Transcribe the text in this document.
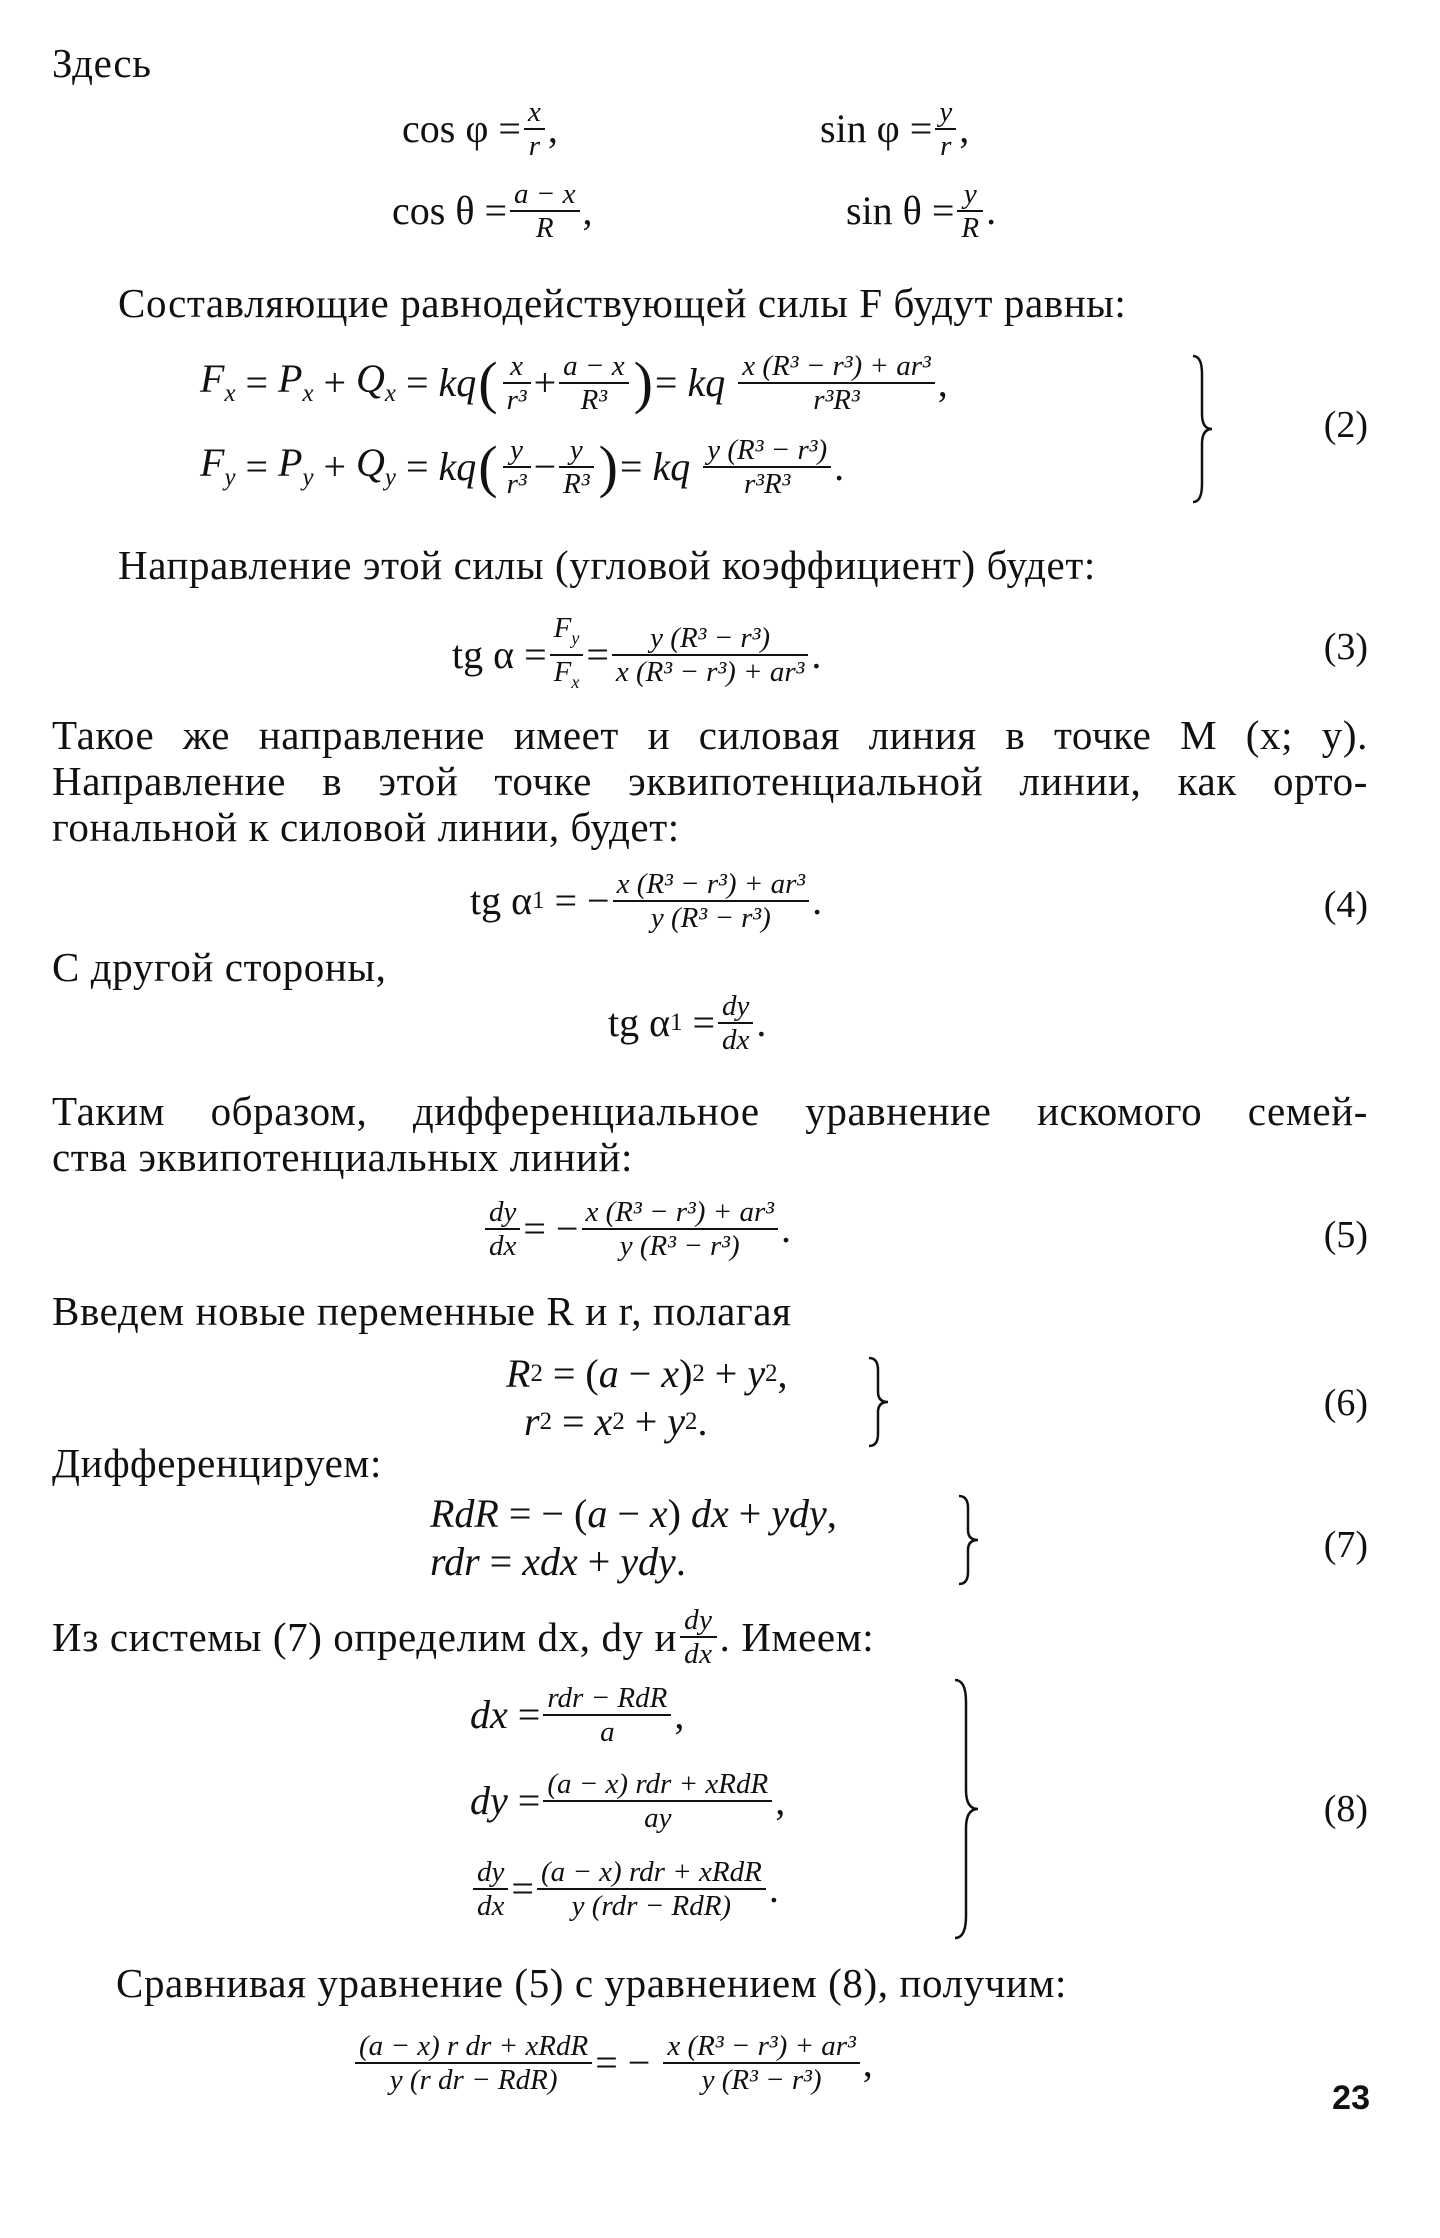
Здесь
cos φ = x
r ,	sin φ = y
r ,
cos θ = a − x
R ,	sin θ = y
R .
Составляющие равнодействующей силы F будут равны:
$F_x = P_x + Q_x$ = kq ( x
r³ + a − x
R³ ) = kq
x (R³ − r³) + ar³
r³R³ ,
$F_y = P_y + Q_y$ = kq ( y
r³ − y
R³ ) = kq
y (R³ − r³)
r³R³ .
(2)
Направление этой силы (угловой коэффициент) будет:
tg α =
$F_y$
$F_x$
= y (R³ − r³)
x (R³ − r³) + ar³ .	(3)
Такое же направление имеет и силовая линия в точке M (x; y).
Направление в этой точке эквипотенциальной линии, как орто-
гональной к силовой линии, будет:
tg α 1 = − x (R³ − r³) + ar³
y (R³ − r³) .	(4)
С другой стороны,
tg α 1 = dy
dx .
Таким образом, дифференциальное уравнение искомого семей-
ства эквипотенциальных линий:
dy
dx = − x (R³ − r³) + ar³
y (R³ − r³) .	(5)
Введем новые переменные R и r, полагая
R 2 = ( a − x ) 2 + y 2 ,
r 2 = x 2 + y 2 .	(6)
Дифференцируем:
RdR = − ( a − x ) dx + ydy ,
rdr = xdx + ydy .	(7)
Из системы (7) определим dx, dy и dy
dx . Имеем:
dx = rdr − RdR
a ,
dy = (a − x) rdr + xRdR
ay	,
dy
dx = (a − x) rdr + xRdR
y (rdr − RdR) .
(8)
Сравнивая уравнение (5) с уравнением (8), получим:
(a − x) r dr + xRdR
y (r dr − RdR) = − x (R³ − r³) + ar³
y (R³ − r³) ,
23
